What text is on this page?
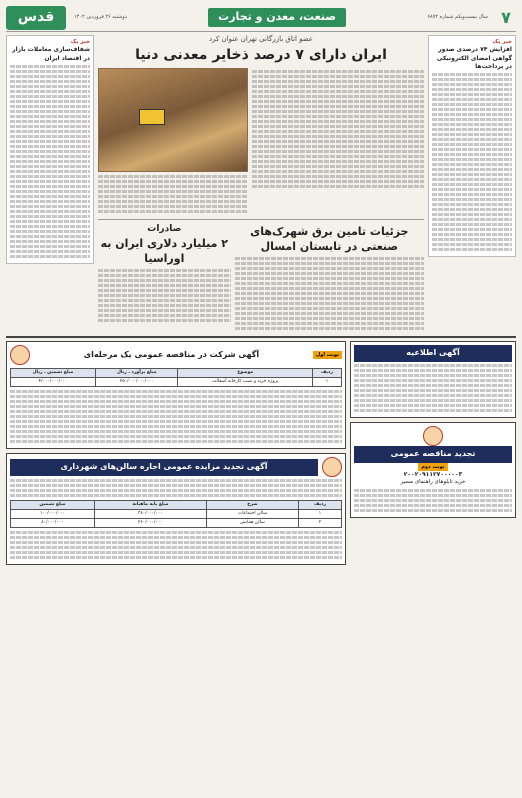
۷
سال بیست‌ویکم شماره ۶۸۷۲
صنعت، معدن و تجارت
دوشنبه ۲۶ فروردین ۱۴۰۲
قدس
خبر یک
افزایش ۷۴ درصدی صدور گواهی امضای الکترونیکی در پرداخت‌ها
عضو اتاق بازرگانی تهران عنوان کرد
ایران دارای ۷ درصد ذخایر معدنی دنیا
جزئیات تامین برق شهرک‌های صنعتی در تابستان امسال
صادرات
۲ میلیارد دلاری ایران به اوراسیا
خبر یک
شفاف‌سازی معاملات بازار در اقتصاد ایران
آگهی اطلاعیه
تجدید مناقصه عمومی
نوبت دوم
۲۰۰۲۰۹۱۱۲۷۰۰۰۰۰۳
خرید تابلوهای راهنمای مسیر
نوبت اول
آگهی شرکت در مناقصه عمومی یک مرحله‌ای
ردیف	موضوع	مبلغ برآورد ـ ریال	مبلغ تضمین ـ ریال
۱	پروژه خرید و نصب کارخانه آسفالت	۲۵۰/۰۰۰/۰۰۰/۰۰۰	۴/۰۰۰/۰۰۰/۰۰۰
آگهی تجدید مزایده عمومی اجاره سالن‌های شهرداری
ردیف	شرح	مبلغ پایه ماهیانه	مبلغ تضمین
۱	سالن اجتماعات	۳۸۰/۰۰۰/۰۰۰	۱۰۰/۰۰۰/۰۰۰
۲	سالن همایش	۲۶۰/۰۰۰/۰۰۰	۸۰/۰۰۰/۰۰۰
